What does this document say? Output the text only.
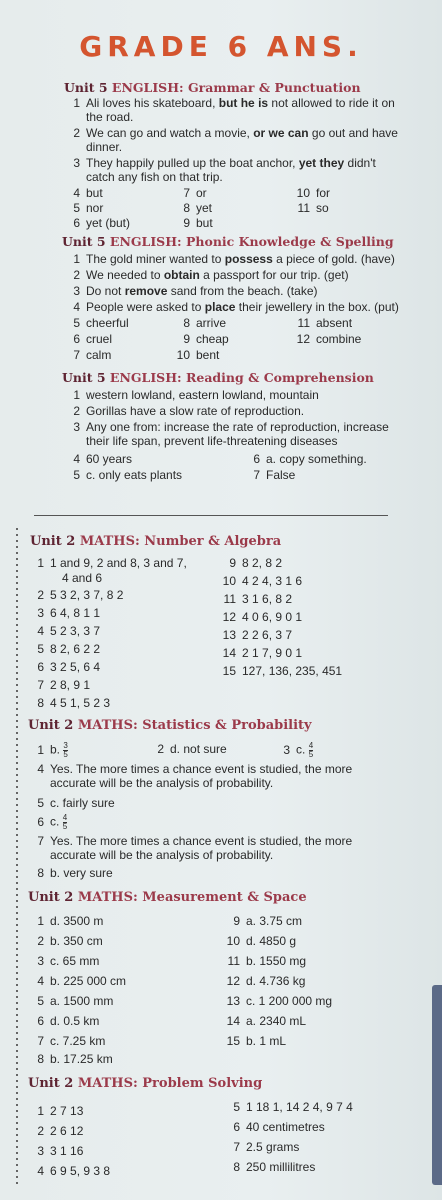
GRADE 6 ANS.
Unit 5 ENGLISH: Grammar & Punctuation
1 Ali loves his skateboard, but he is not allowed to ride it on
the road.
2 We can go and watch a movie, or we can go out and have
dinner.
3 They happily pulled up the boat anchor, yet they didn't
catch any fish on that trip.
4 but
5 nor
6 yet (but)
7 or
8 yet
9 but
10 for
11 so
Unit 5 ENGLISH: Phonic Knowledge & Spelling
1 The gold miner wanted to possess a piece of gold. (have)
2 We needed to obtain a passport for our trip. (get)
3 Do not remove sand from the beach. (take)
4 People were asked to place their jewellery in the box. (put)
5 cheerful
6 cruel
7 calm
8 arrive
9 cheap
10 bent
11 absent
12 combine
Unit 5 ENGLISH: Reading & Comprehension
1 western lowland, eastern lowland, mountain
2 Gorillas have a slow rate of reproduction.
3 Any one from: increase the rate of reproduction, increase
their life span, prevent life-threatening diseases
4 60 years
5 c. only eats plants
6 a. copy something.
7 False
Unit 2 MATHS: Number & Algebra
1 1 and 9, 2 and 8, 3 and 7,
4 and 6
2 5 3 2, 3 7, 8 2
3 6 4, 8 1 1
4 5 2 3, 3 7
5 8 2, 6 2 2
6 3 2 5, 6 4
7 2 8, 9 1
8 4 5 1, 5 2 3
9 8 2, 8 2
10 4 2 4, 3 1 6
11 3 1 6, 8 2
12 4 0 6, 9 0 1
13 2 2 6, 3 7
14 2 1 7, 9 0 1
15 127, 136, 235, 451
Unit 2 MATHS: Statistics & Probability
1 b. $\frac{3}{5}$	2 d. not sure	3 c. $\frac{4}{5}$
4 Yes. The more times a chance event is studied, the more
accurate will be the analysis of probability.
5 c. fairly sure
6 c. $\frac{4}{5}$
7 Yes. The more times a chance event is studied, the more
accurate will be the analysis of probability.
8 b. very sure
Unit 2 MATHS: Measurement & Space
1 d. 3500 m
2 b. 350 cm
3 c. 65 mm
4 b. 225 000 cm
5 a. 1500 mm
6 d. 0.5 km
7 c. 7.25 km
8 b. 17.25 km
9 a. 3.75 cm
10 d. 4850 g
11 b. 1550 mg
12 d. 4.736 kg
13 c. 1 200 000 mg
14 a. 2340 mL
15 b. 1 mL
Unit 2 MATHS: Problem Solving
1 2 7 13
2 2 6 12
3 3 1 16
4 6 9 5, 9 3 8
5 1 18 1, 14 2 4, 9 7 4
6 40 centimetres
7 2.5 grams
8 250 millilitres
